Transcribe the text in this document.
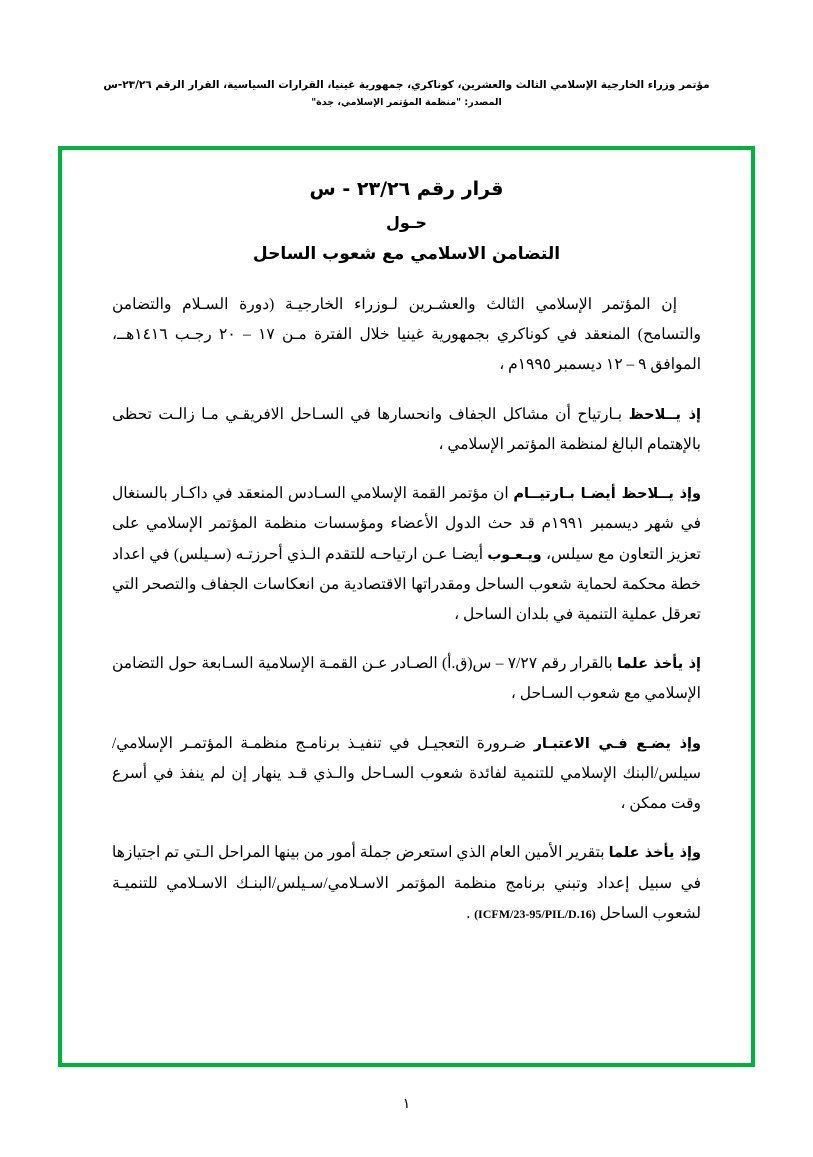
مؤتمر وزراء الخارجية الإسلامي الثالث والعشرين، كوناكري، جمهورية غينيا، القرارات السياسية، القرار الرقم ٢٣/٢٦-س
المصدر: "منظمة المؤتمر الإسلامي، جدة"
قرار رقم ٢٣/٢٦ - س
حـول
التضامن الاسلامي مع شعوب الساحل

إن المؤتمر الإسلامي الثالث والعشـرين لـوزراء الخارجيـة (دورة السـلام والتضامن والتسامح) المنعقد في كوناكري بجمهورية غينيا خلال الفترة مـن ١٧ – ٢٠ رجـب ١٤١٦هــ، الموافق ٩ – ١٢ ديسمبر ١٩٩٥م ،

إذ يــلاحظ بـارتياح أن مشاكل الجفاف وانحسارها في السـاحل الافريقـي مـا زالـت تحظى بالإهتمام البالغ لمنظمة المؤتمر الإسلامي ،

وإذ يــلاحظ أيضـا بـارتيــام ان مؤتمر القمة الإسلامي السـادس المنعقد في داكـار بالسنغال في شهر ديسمبر ١٩٩١م قد حث الدول الأعضاء ومؤسسات منظمة المؤتمر الإسلامي على تعزيز التعاون مع سيلس، ويـعـوب أيضـا عـن ارتياحـه للتقدم الـذي أحرزتـه (سـيلس) في اعداد خطة محكمة لحماية شعوب الساحل ومقدراتها الاقتصادية من انعكاسات الجفاف والتصحر التي تعرقل عملية التنمية في بلدان الساحل ،

إذ يأخذ علما بالقرار رقم ٧/٢٧ – س(ق.أ) الصـادر عـن القمـة الإسلامية السـابعة حول التضامن الإسلامي مع شعوب السـاحل ،

وإذ يضـع فـي الاعتبـار ضـرورة التعجيـل في تنفيـذ برنامـج منظمـة المؤتمـر الإسلامي/سيلس/البنك الإسلامي للتنمية لفائدة شعوب السـاحل والـذي قـد ينهار إن لم ينفذ في أسرع وقت ممكن ،

وإذ يأخذ علما بتقرير الأمين العام الذي استعرض جملة أمور من بينها المراحل الـتي تم اجتيازها في سبيل إعداد وتبني برنامج منظمة المؤتمر الاسـلامي/سـيلس/البنـك الاسـلامي للتنميـة لشعوب الساحل (ICFM/23-95/PIL/D.16) .

١
